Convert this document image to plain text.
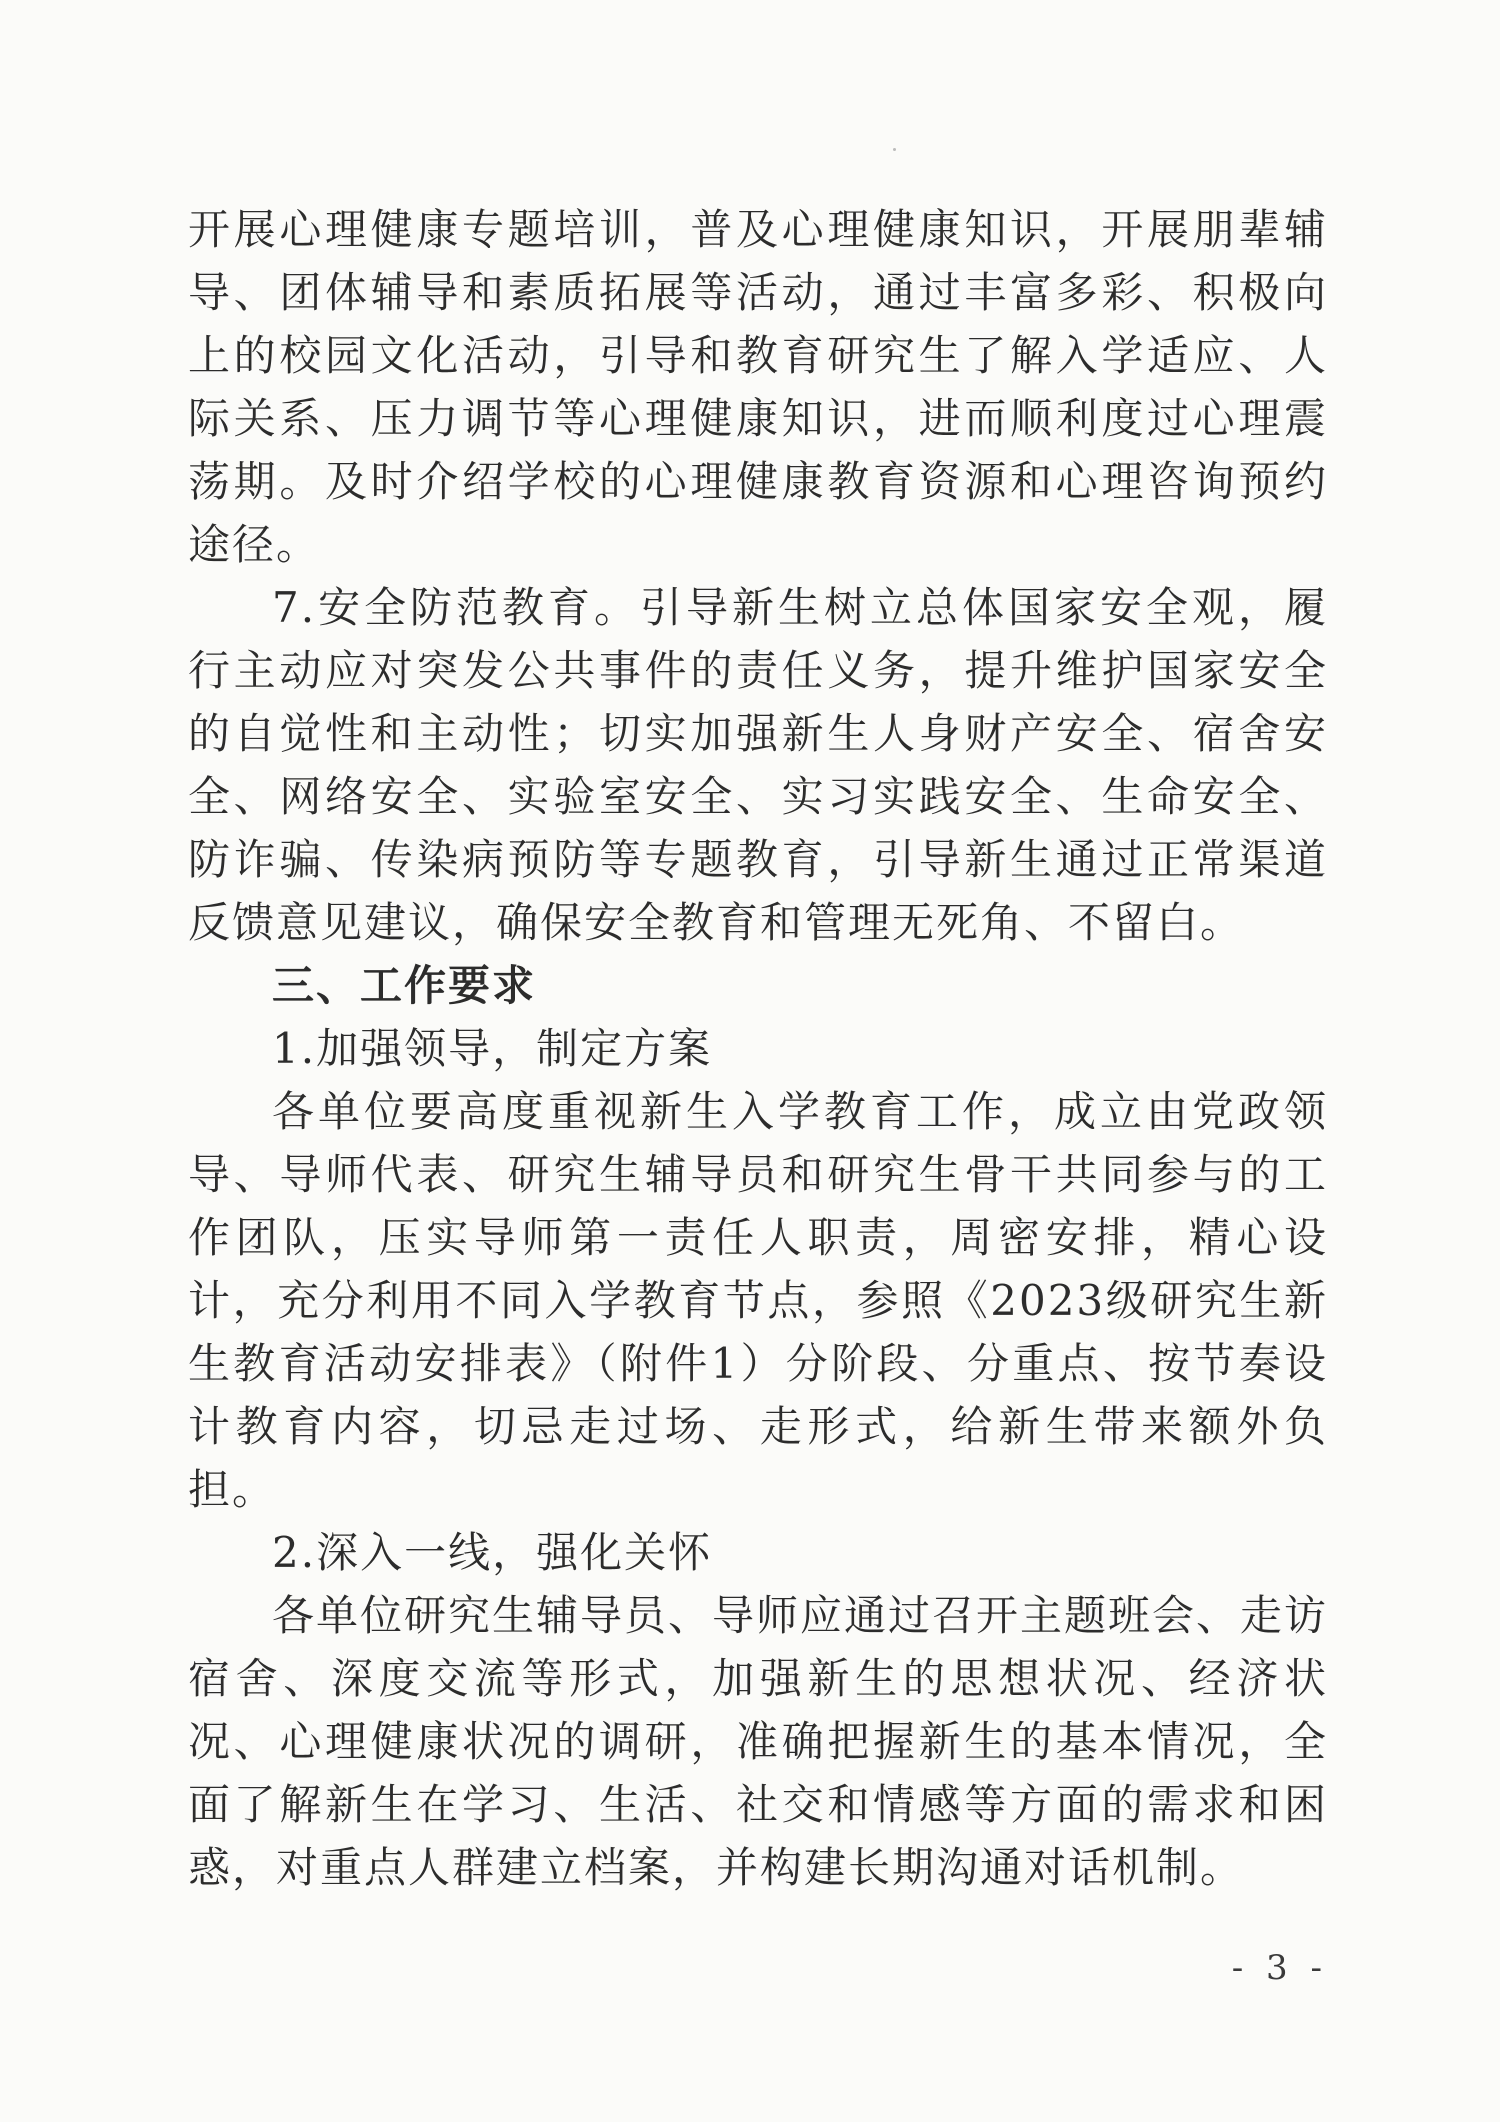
开展心理健康专题培训，普及心理健康知识，开展朋辈辅导、团体辅导和素质拓展等活动，通过丰富多彩、积极向上的校园文化活动，引导和教育研究生了解入学适应、人际关系、压力调节等心理健康知识，进而顺利度过心理震荡期。及时介绍学校的心理健康教育资源和心理咨询预约途径。

7.安全防范教育。引导新生树立总体国家安全观，履行主动应对突发公共事件的责任义务，提升维护国家安全的自觉性和主动性；切实加强新生人身财产安全、宿舍安全、网络安全、实验室安全、实习实践安全、生命安全、防诈骗、传染病预防等专题教育，引导新生通过正常渠道反馈意见建议，确保安全教育和管理无死角、不留白。

三、工作要求

1.加强领导，制定方案

各单位要高度重视新生入学教育工作，成立由党政领导、导师代表、研究生辅导员和研究生骨干共同参与的工作团队，压实导师第一责任人职责，周密安排，精心设计，充分利用不同入学教育节点，参照《2023级研究生新生教育活动安排表》（附件1）分阶段、分重点、按节奏设计教育内容，切忌走过场、走形式，给新生带来额外负担。

2.深入一线，强化关怀

各单位研究生辅导员、导师应通过召开主题班会、走访宿舍、深度交流等形式，加强新生的思想状况、经济状况、心理健康状况的调研，准确把握新生的基本情况，全面了解新生在学习、生活、社交和情感等方面的需求和困惑，对重点人群建立档案，并构建长期沟通对话机制。

- 3 -
